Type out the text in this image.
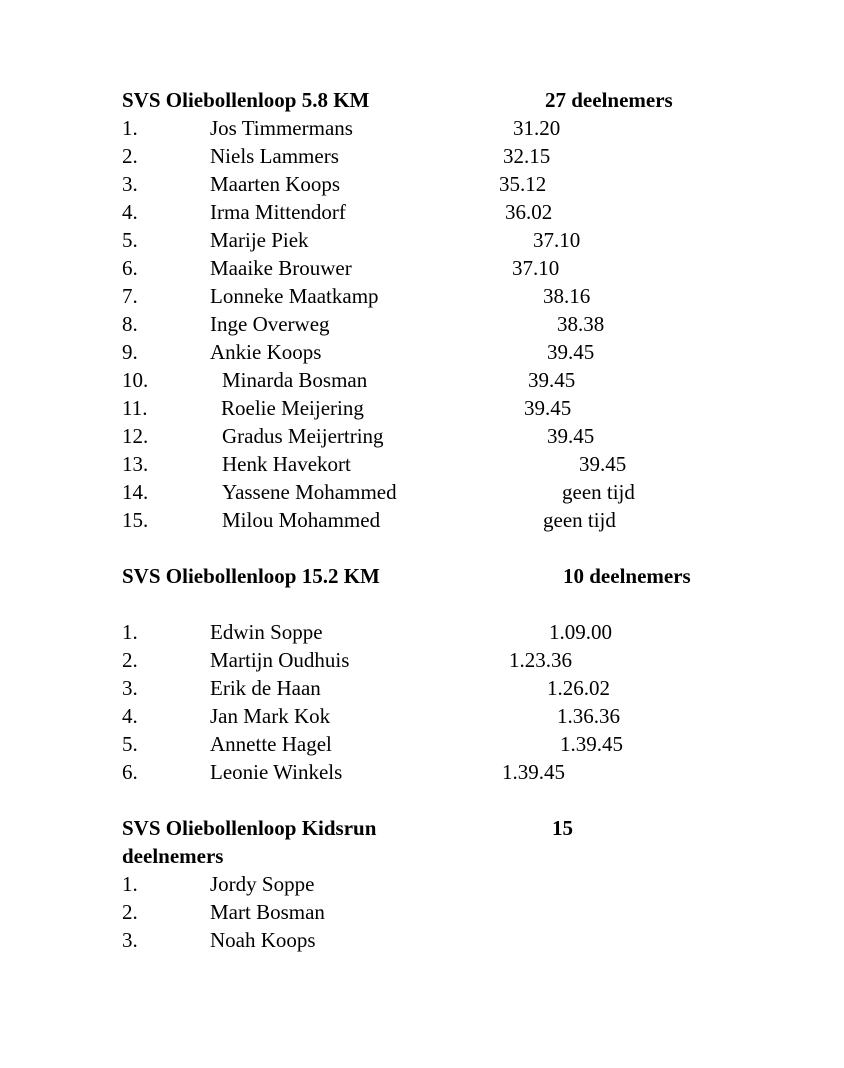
SVS Oliebollenloop 5.8 KM	27 deelnemers
1.	Jos Timmermans	31.20
2.	Niels Lammers	32.15
3.	Maarten Koops	35.12
4.	Irma Mittendorf	36.02
5.	Marije Piek	37.10
6.	Maaike Brouwer	37.10
7.	Lonneke Maatkamp	38.16
8.	Inge Overweg	38.38
9.	Ankie Koops	39.45
10.	Minarda Bosman	39.45
11.	Roelie Meijering	39.45
12.	Gradus Meijertring	39.45
13.	Henk Havekort	39.45
14.	Yassene Mohammed	geen tijd
15.	Milou Mohammed	geen tijd
SVS Oliebollenloop 15.2 KM	10 deelnemers
1.	Edwin Soppe	1.09.00
2.	Martijn Oudhuis	1.23.36
3.	Erik de Haan	1.26.02
4.	Jan Mark Kok	1.36.36
5.	Annette Hagel	1.39.45
6.	Leonie Winkels	1.39.45
SVS Oliebollenloop Kidsrun	15
deelnemers
1.	Jordy Soppe
2.	Mart Bosman
3.	Noah Koops
